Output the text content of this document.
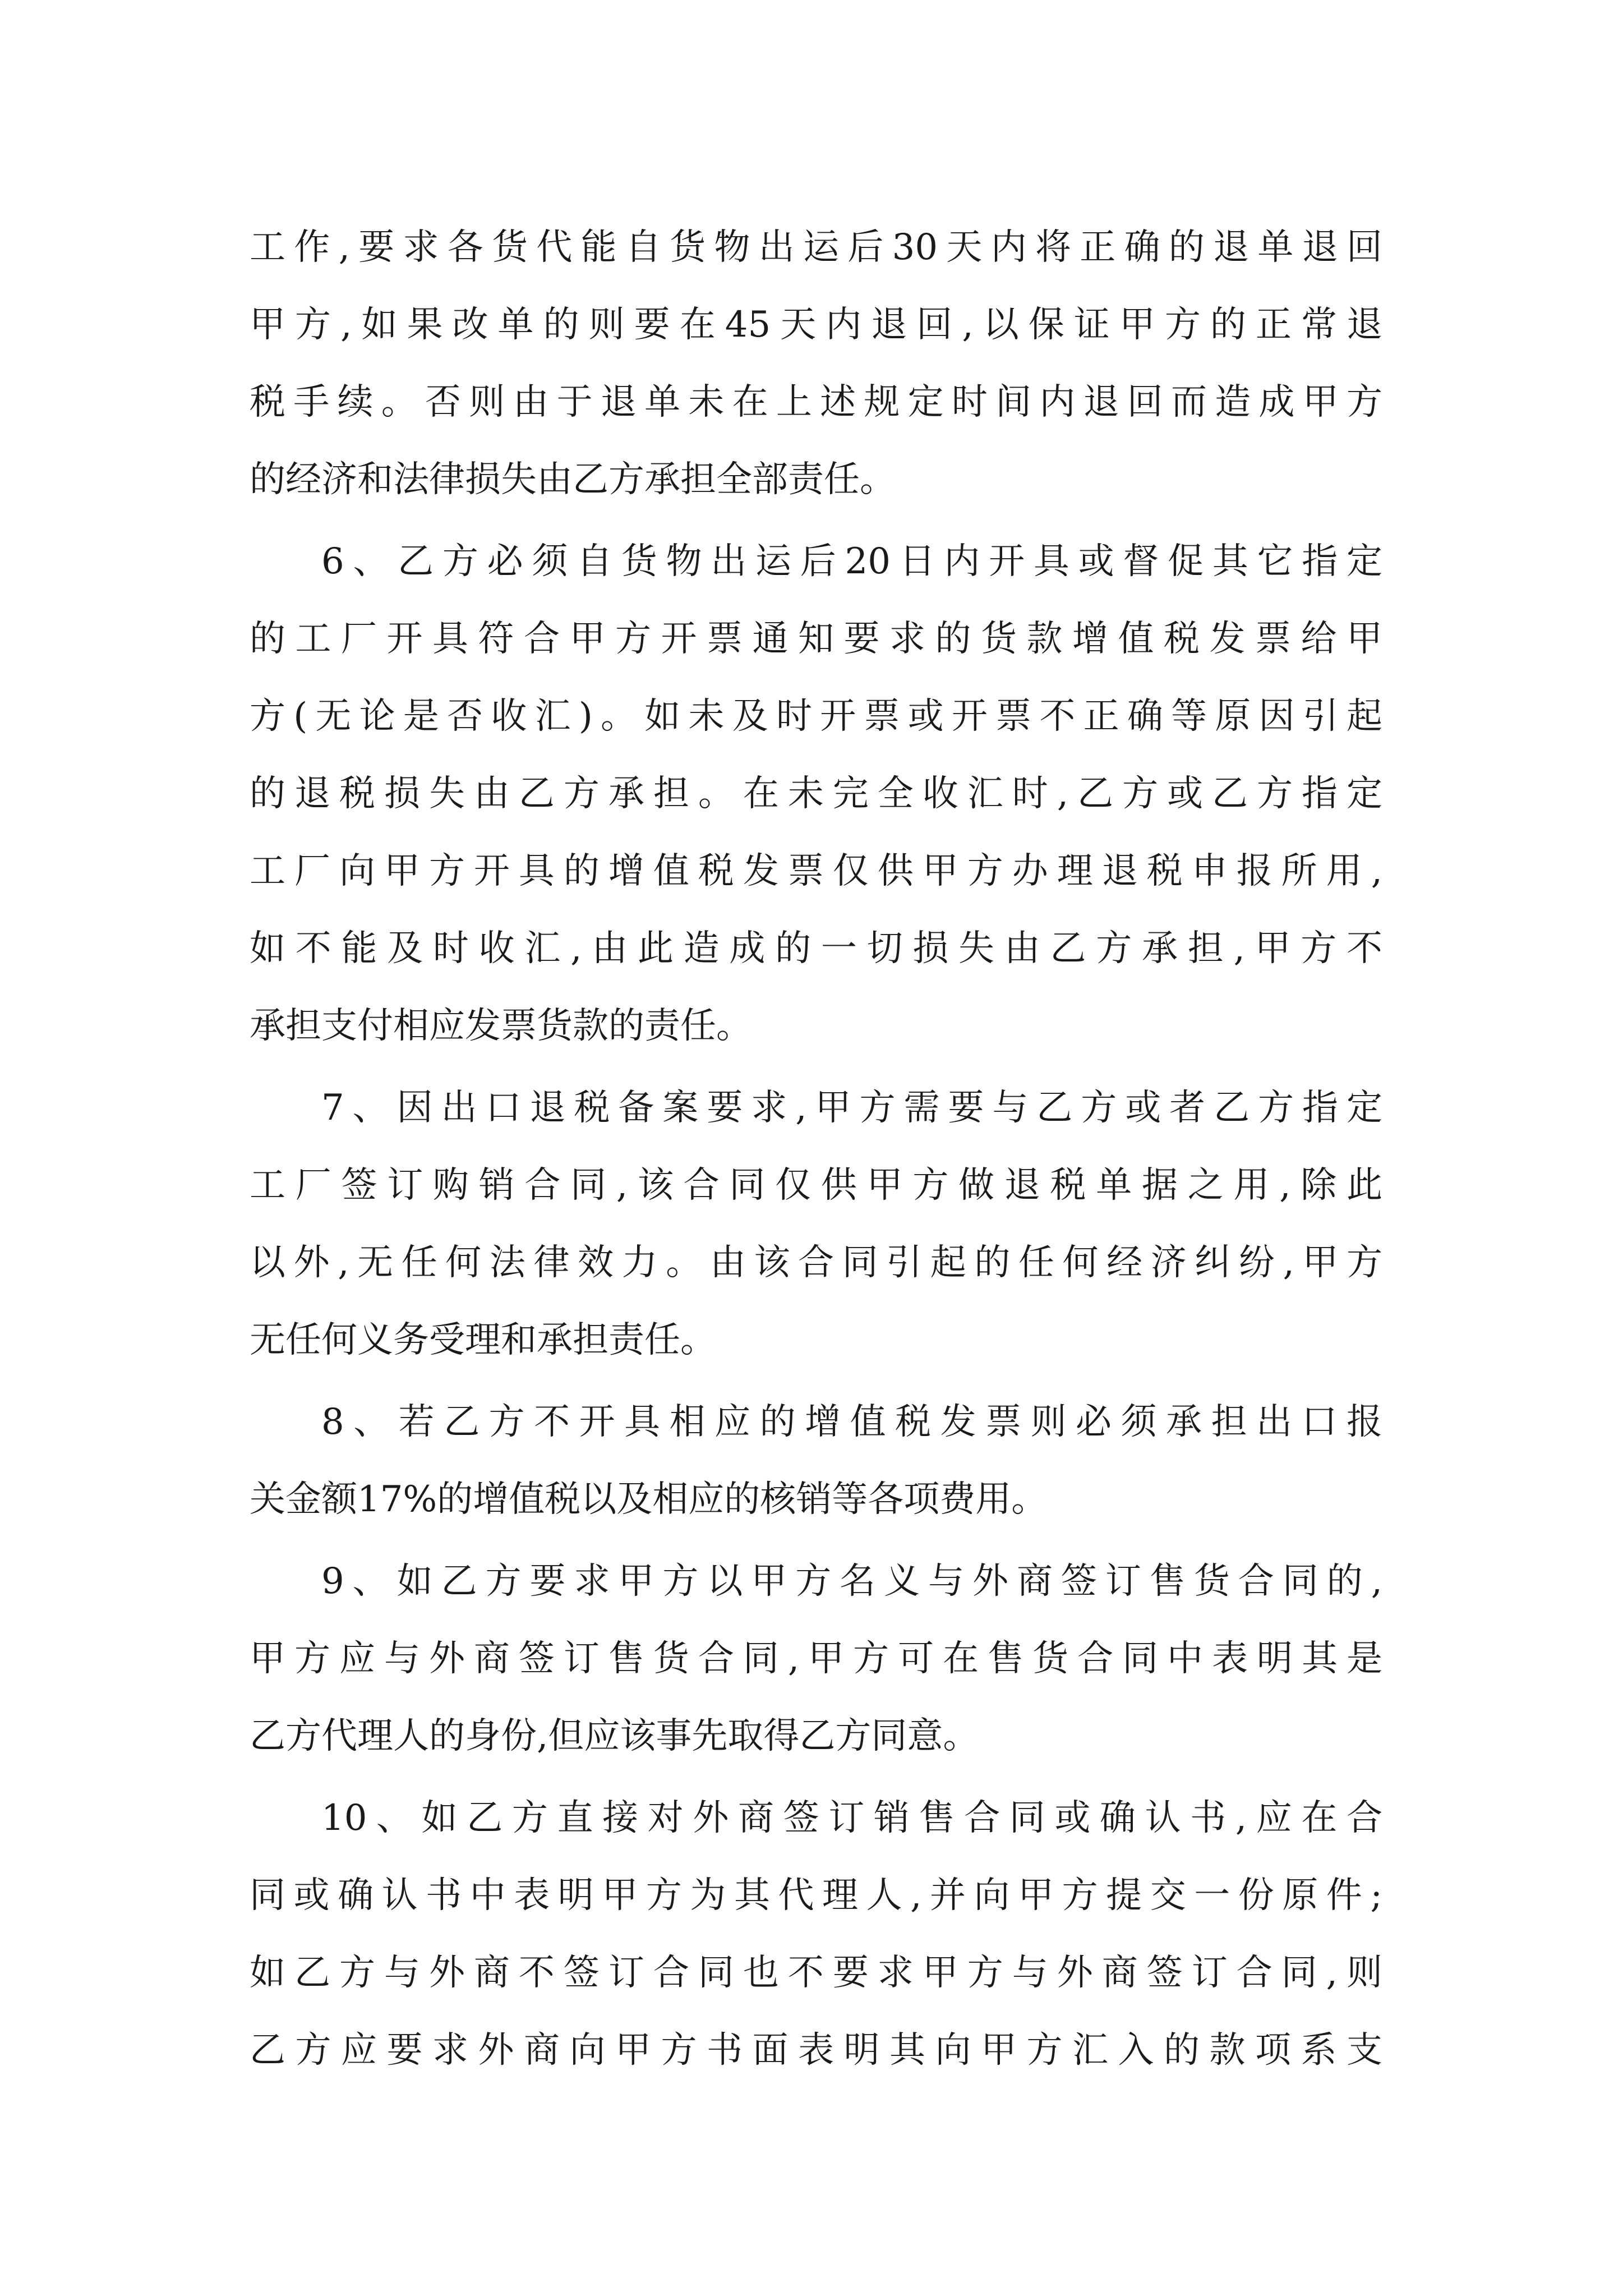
工作,要求各货代能自货物出运后30天内将正确的退单退回
甲方,如果改单的则要在45天内退回,以保证甲方的正常退
税手续。否则由于退单未在上述规定时间内退回而造成甲方
的经济和法律损失由乙方承担全部责任。
6、乙方必须自货物出运后20日内开具或督促其它指定
的工厂开具符合甲方开票通知要求的货款增值税发票给甲
方(无论是否收汇)。如未及时开票或开票不正确等原因引起
的退税损失由乙方承担。在未完全收汇时,乙方或乙方指定
工厂向甲方开具的增值税发票仅供甲方办理退税申报所用,
如不能及时收汇,由此造成的一切损失由乙方承担,甲方不
承担支付相应发票货款的责任。
7、因出口退税备案要求,甲方需要与乙方或者乙方指定
工厂签订购销合同,该合同仅供甲方做退税单据之用,除此
以外,无任何法律效力。由该合同引起的任何经济纠纷,甲方
无任何义务受理和承担责任。
8、若乙方不开具相应的增值税发票则必须承担出口报
关金额17%的增值税以及相应的核销等各项费用。
9、如乙方要求甲方以甲方名义与外商签订售货合同的,
甲方应与外商签订售货合同,甲方可在售货合同中表明其是
乙方代理人的身份,但应该事先取得乙方同意。
10、如乙方直接对外商签订销售合同或确认书,应在合
同或确认书中表明甲方为其代理人,并向甲方提交一份原件;
如乙方与外商不签订合同也不要求甲方与外商签订合同,则
乙方应要求外商向甲方书面表明其向甲方汇入的款项系支
